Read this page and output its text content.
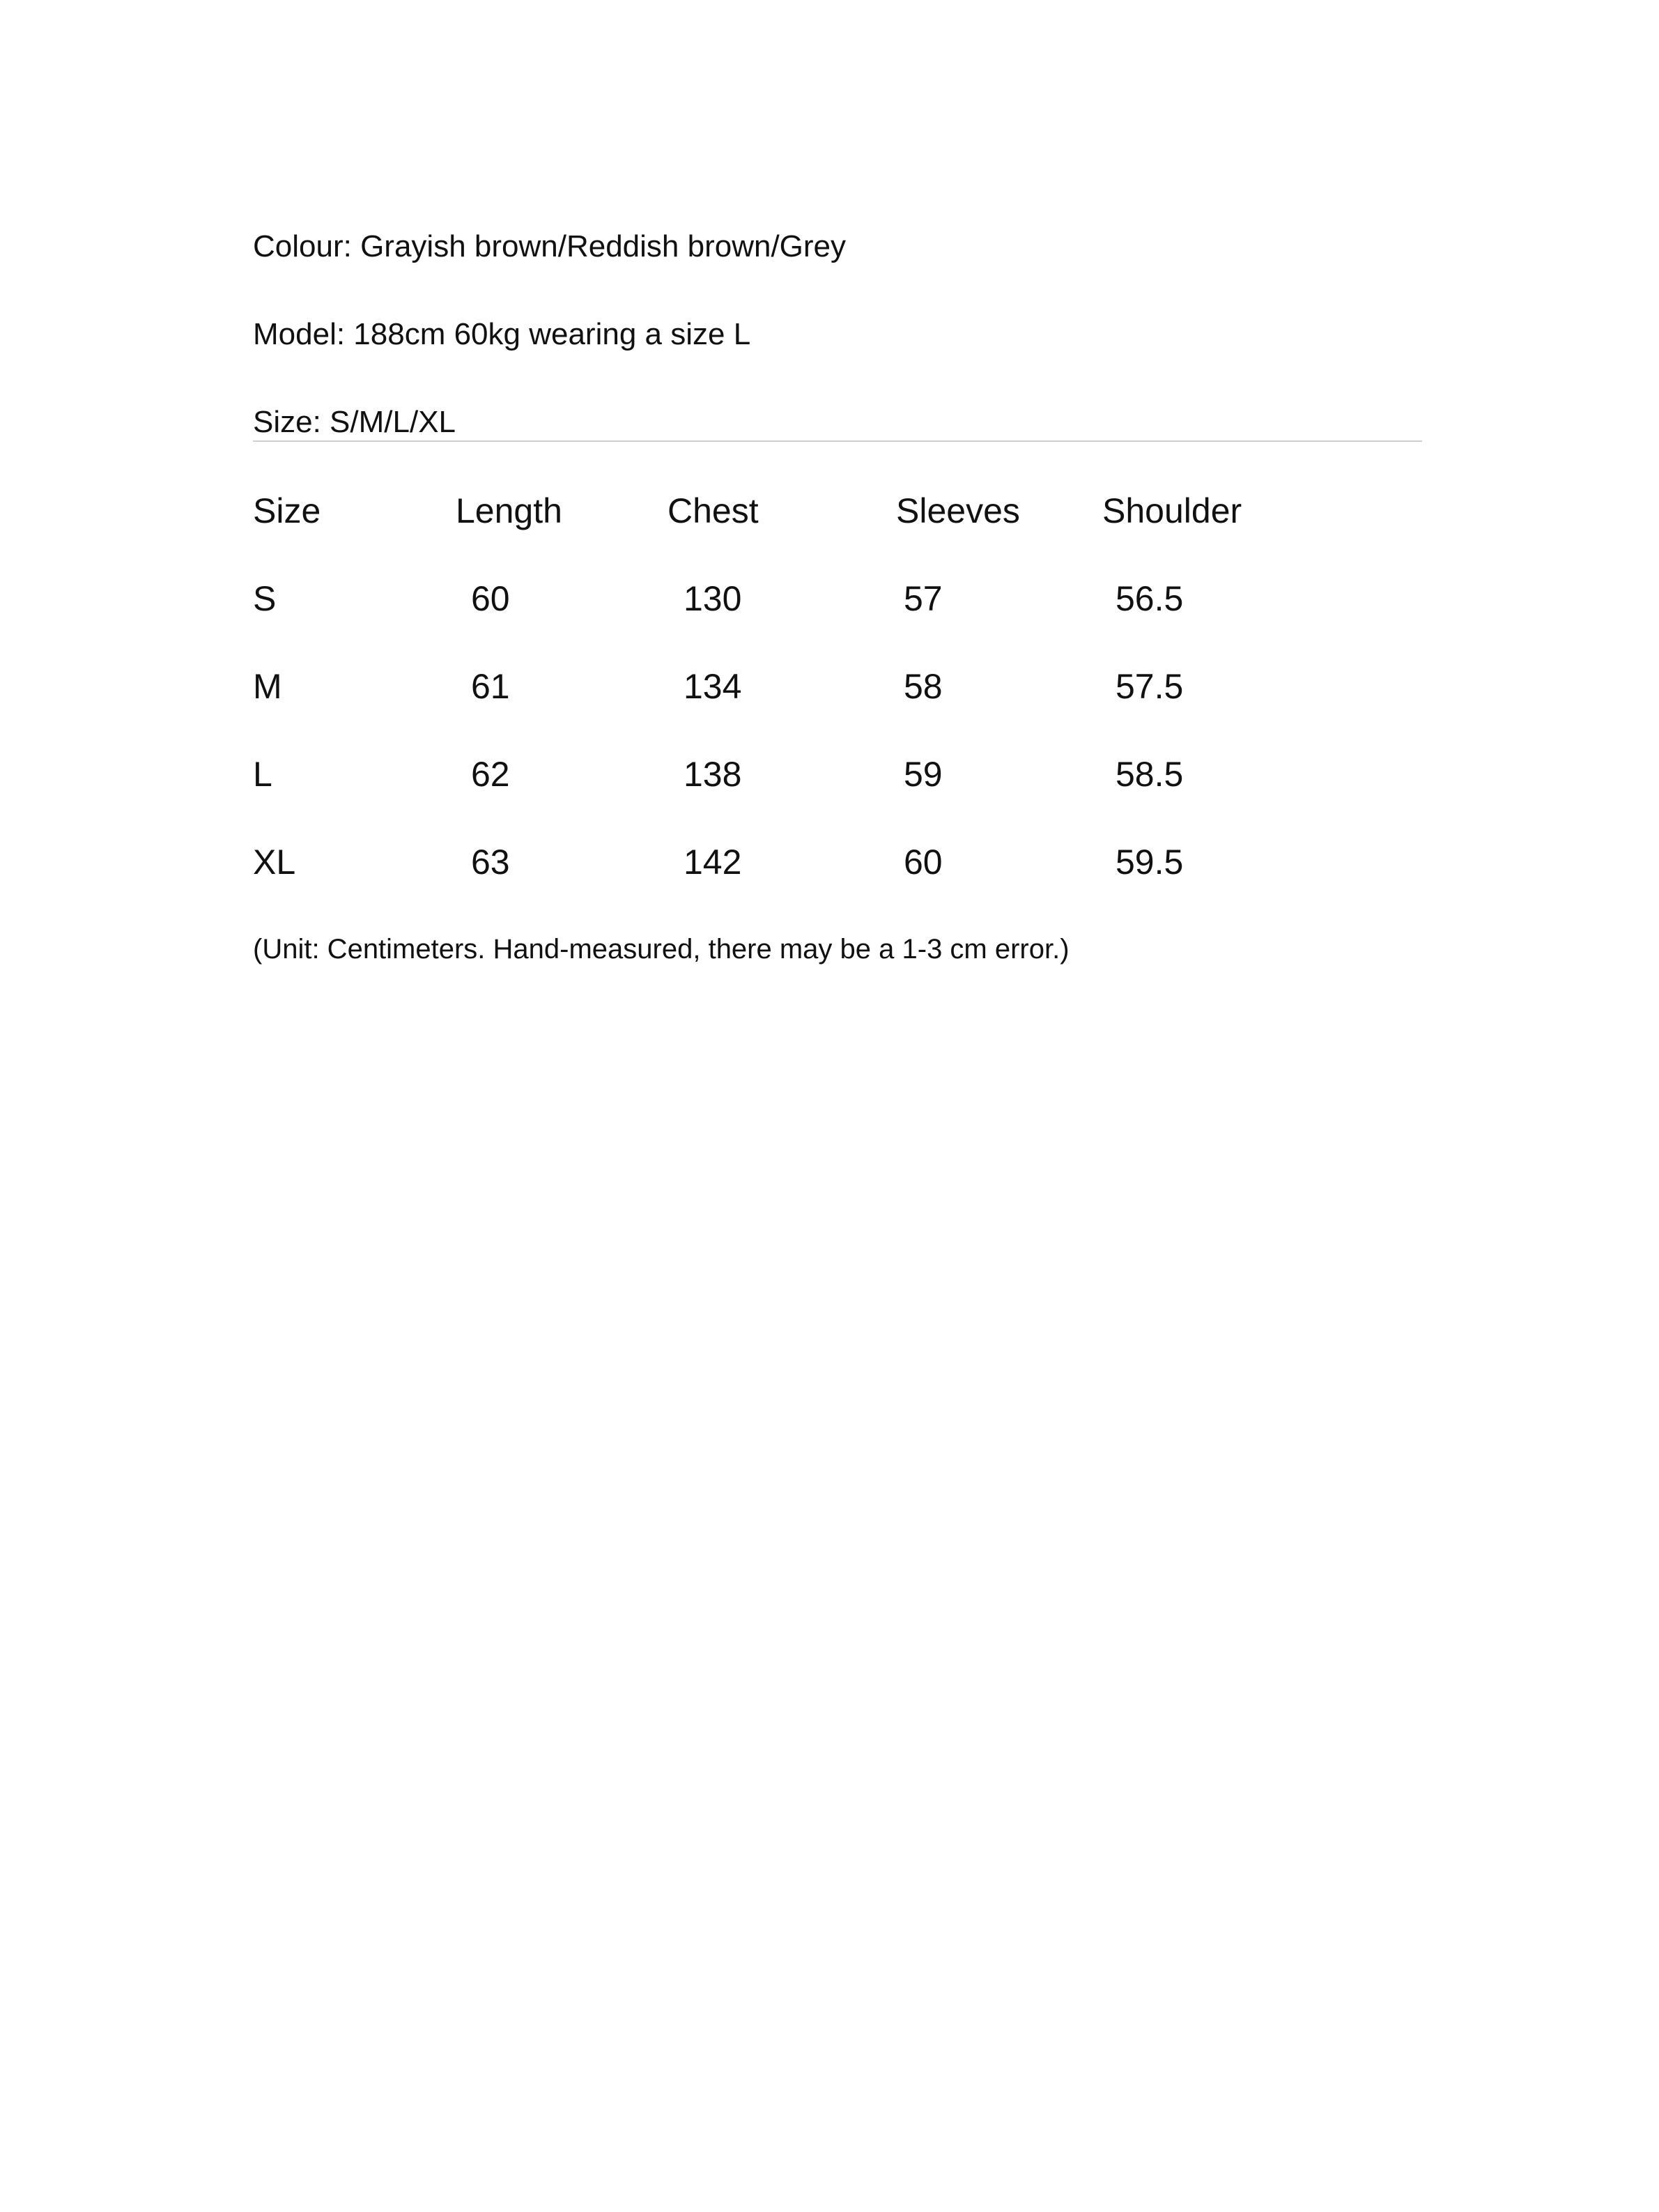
Colour: Grayish brown/Reddish brown/Grey
Model: 188cm 60kg wearing a size L
Size: S/M/L/XL
Size	Length	Chest	Sleeves Shoulder
S	60	130	57	56.5
M	61	134	58	57.5
L	62	138	59	58.5
XL	63	142	60	59.5
(Unit: Centimeters. Hand-measured, there may be a 1-3 cm error.)
